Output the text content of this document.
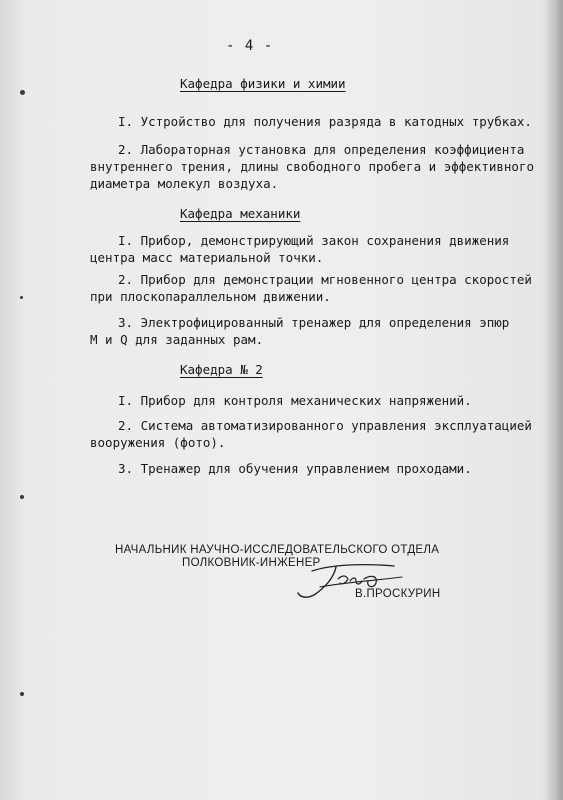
- 4 -
Кафедра физики и химии
I. Устройство для получения разряда в катодных трубках.
2. Лабораторная установка для определения коэффициента
внутреннего трения, длины свободного пробега и эффективного
диаметра молекул воздуха.
Кафедра механики
I. Прибор, демонстрирующий закон сохранения движения
центра масс материальной точки.
2. Прибор для демонстрации мгновенного центра скоростей
при плоскопараллельном движении.
3. Электрофицированный тренажер для определения эпюр
M и Q для заданных рам.
Кафедра № 2
I. Прибор для контроля механических напряжений.
2. Система автоматизированного управления эксплуатацией
вооружения (фото).
3. Тренажер для обучения управлением проходами.
НАЧАЛЬНИК НАУЧНО-ИССЛЕДОВАТЕЛЬСКОГО ОТДЕЛА
ПОЛКОВНИК-ИНЖЕНЕР
В.ПРОСКУРИН
